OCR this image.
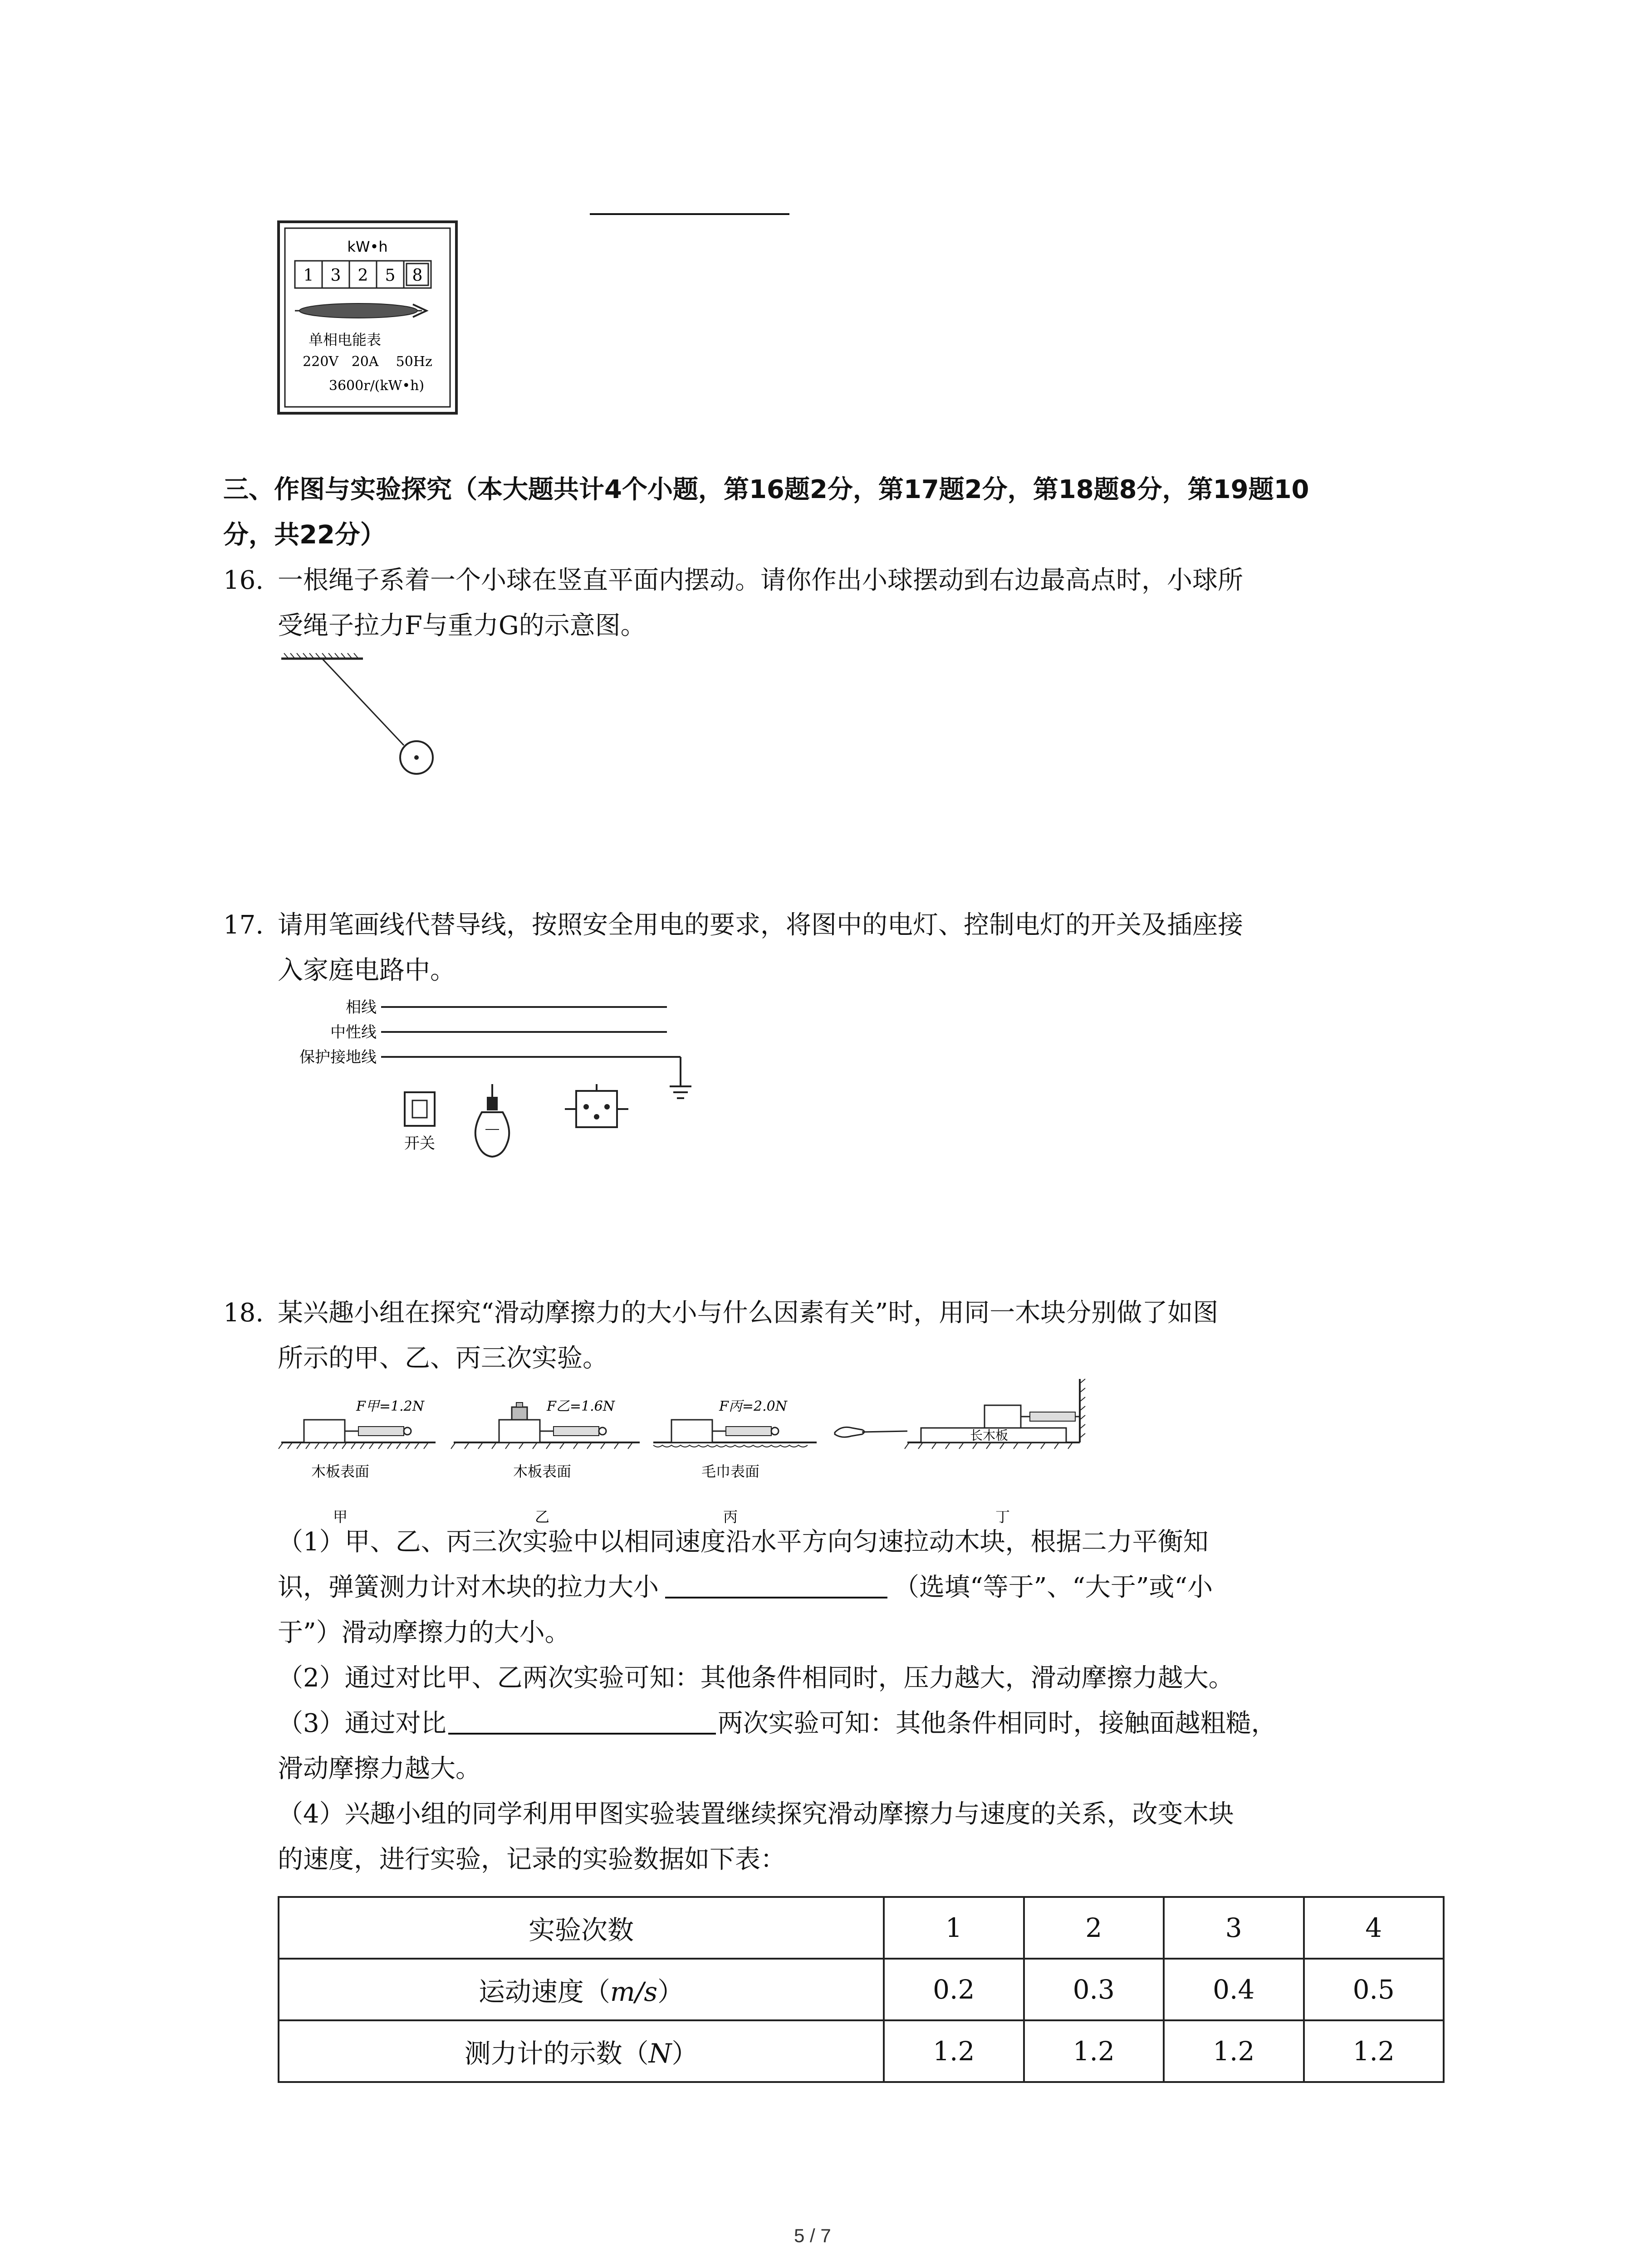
kW•h
1 3 2 5 8
单相电能表
220V   20A    50Hz
3600r/(kW•h)
三、作图与实验探究（本大题共计4个小题，第16题2分，第17题2分，第18题8分，第19题10
分，共22分）
16. 一根绳子系着一个小球在竖直平面内摆动。请你作出小球摆动到右边最高点时，小球所
受绳子拉力F与重力G的示意图。
17. 请用笔画线代替导线，按照安全用电的要求，将图中的电灯、控制电灯的开关及插座接
入家庭电路中。
相线
中性线
保护接地线
开关
18. 某兴趣小组在探究“滑动摩擦力的大小与什么因素有关”时，用同一木块分别做了如图
所示的甲、乙、丙三次实验。
F甲=1.2N
木板表面
甲
F乙=1.6N
木板表面
乙
F丙=2.0N
毛巾表面
丙
长木板
丁
（1）甲、乙、丙三次实验中以相同速度沿水平方向匀速拉动木块，根据二力平衡知
识，弹簧测力计对木块的拉力大小	（选填“等于”、“大于”或“小
于”）滑动摩擦力的大小。
（2）通过对比甲、乙两次实验可知：其他条件相同时，压力越大，滑动摩擦力越大。
（3）通过对比	两次实验可知：其他条件相同时，接触面越粗糙，
滑动摩擦力越大。
（4）兴趣小组的同学利用甲图实验装置继续探究滑动摩擦力与速度的关系，改变木块
的速度，进行实验，记录的实验数据如下表：
实验次数	1	2	3	4
运动速度（m/s）	0.2	0.3	0.4	0.5
测力计的示数（N）	1.2	1.2	1.2	1.2
5 / 7
